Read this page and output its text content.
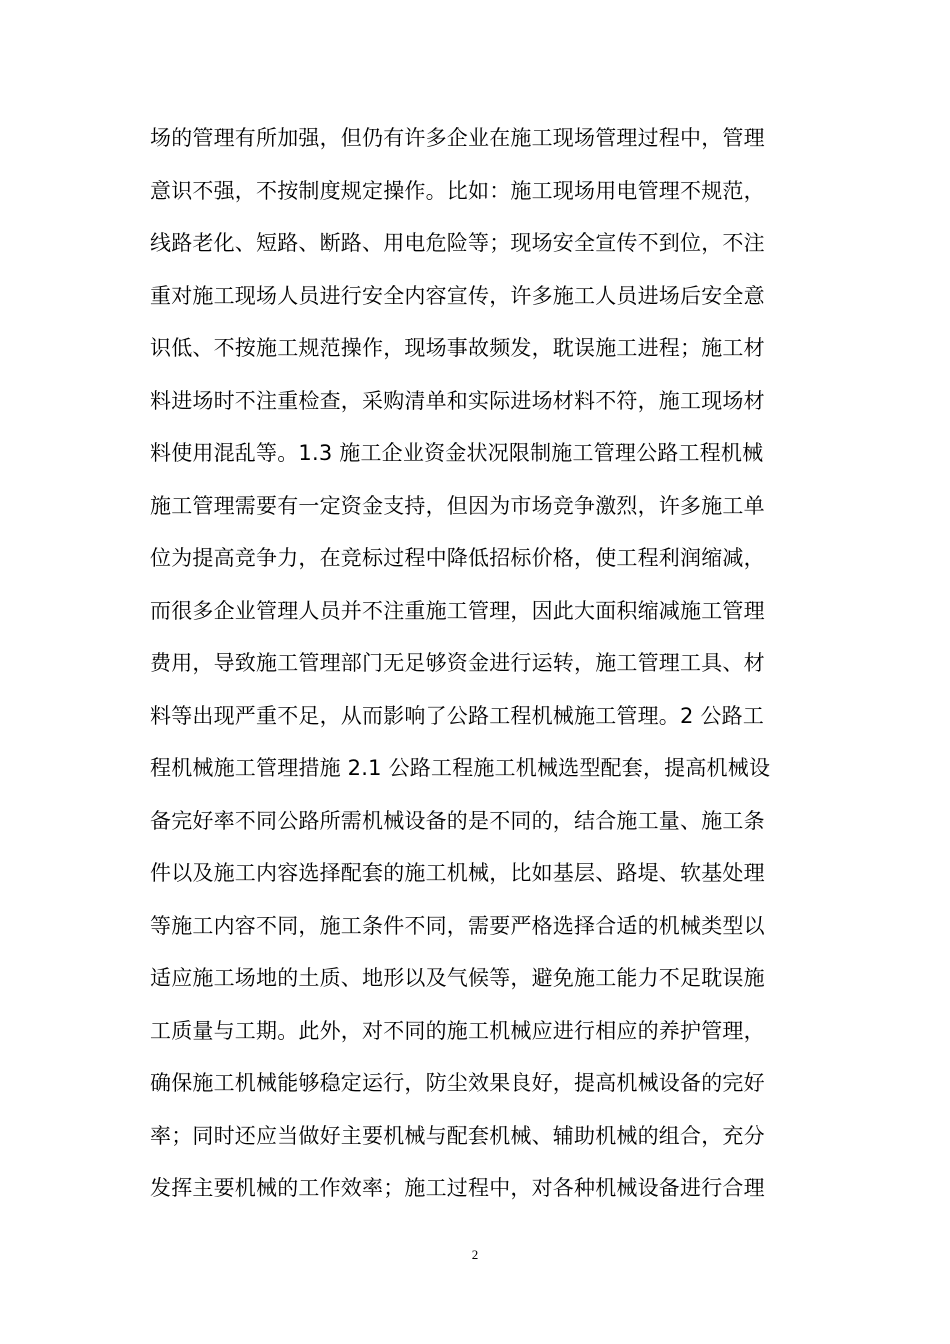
场的管理有所加强，但仍有许多企业在施工现场管理过程中，管理
意识不强，不按制度规定操作。比如：施工现场用电管理不规范，
线路老化、短路、断路、用电危险等；现场安全宣传不到位，不注
重对施工现场人员进行安全内容宣传，许多施工人员进场后安全意
识低、不按施工规范操作，现场事故频发，耽误施工进程；施工材
料进场时不注重检查，采购清单和实际进场材料不符，施工现场材
料使用混乱等。1.3 施工企业资金状况限制施工管理公路工程机械
施工管理需要有一定资金支持，但因为市场竞争激烈，许多施工单
位为提高竞争力，在竞标过程中降低招标价格，使工程利润缩减，
而很多企业管理人员并不注重施工管理，因此大面积缩减施工管理
费用，导致施工管理部门无足够资金进行运转，施工管理工具、材
料等出现严重不足，从而影响了公路工程机械施工管理。2 公路工
程机械施工管理措施 2.1 公路工程施工机械选型配套，提高机械设
备完好率不同公路所需机械设备的是不同的，结合施工量、施工条
件以及施工内容选择配套的施工机械，比如基层、路堤、软基处理
等施工内容不同，施工条件不同，需要严格选择合适的机械类型以
适应施工场地的土质、地形以及气候等，避免施工能力不足耽误施
工质量与工期。此外，对不同的施工机械应进行相应的养护管理，
确保施工机械能够稳定运行，防尘效果良好，提高机械设备的完好
率；同时还应当做好主要机械与配套机械、辅助机械的组合，充分
发挥主要机械的工作效率；施工过程中，对各种机械设备进行合理
2
